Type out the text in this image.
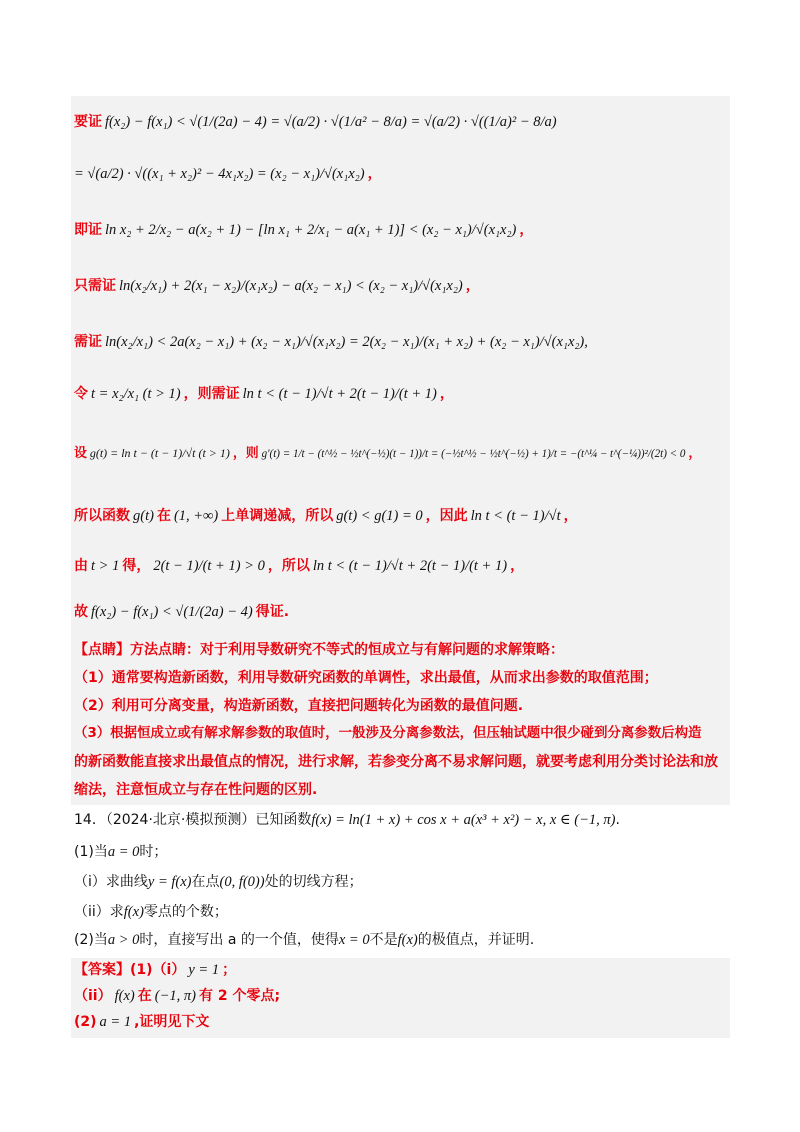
要证 f(x₂) − f(x₁) < √(1/(2a) − 4) = √(a/2) · √(1/a² − 8/a) = √(a/2) · √((1/a)² − 8/a)
= √(a/2) · √((x₁ + x₂)² − 4x₁x₂) = (x₂ − x₁)/√(x₁x₂) ，
即证 ln x₂ + 2/x₂ − a(x₂ + 1) − [ln x₁ + 2/x₁ − a(x₁ + 1)] < (x₂ − x₁)/√(x₁x₂) ，
只需证 ln(x₂/x₁) + 2(x₁ − x₂)/(x₁x₂) − a(x₂ − x₁) < (x₂ − x₁)/√(x₁x₂) ，
需证 ln(x₂/x₁) < 2a(x₂ − x₁) + (x₂ − x₁)/√(x₁x₂) = 2(x₂ − x₁)/(x₁ + x₂) + (x₂ − x₁)/√(x₁x₂),
令 t = x₂/x₁ (t > 1) ，则需证 ln t < (t − 1)/√t + 2(t − 1)/(t + 1) ，
设 g(t) = ln t − (t − 1)/√t (t > 1) ，则 g′(t) = 1/t − (t^½ − ½t^(−½)(t − 1))/t = (−½t^½ − ½t^(−½) + 1)/t = −(t^¼ − t^(−¼))²/(2t) < 0 ，
所以函数 g(t) 在 (1, +∞) 上单调递减，所以 g(t) < g(1) = 0 ，因此 ln t < (t − 1)/√t ，
由 t > 1 得， 2(t − 1)/(t + 1) > 0 ，所以 ln t < (t − 1)/√t + 2(t − 1)/(t + 1) ，
故 f(x₂) − f(x₁) < √(1/(2a) − 4) 得证.
【点睛】方法点睛：对于利用导数研究不等式的恒成立与有解问题的求解策略：
（1）通常要构造新函数，利用导数研究函数的单调性，求出最值，从而求出参数的取值范围；
（2）利用可分离变量，构造新函数，直接把问题转化为函数的最值问题.
（3）根据恒成立或有解求解参数的取值时，一般涉及分离参数法，但压轴试题中很少碰到分离参数后构造
的新函数能直接求出最值点的情况，进行求解，若参变分离不易求解问题，就要考虑利用分类讨论法和放
缩法，注意恒成立与存在性问题的区别.
14．（2024·北京·模拟预测）已知函数f(x) = ln(1 + x) + cos x + a(x³ + x²) − x, x ∈ (−1, π).
(1)当a = 0时；
（i）求曲线y = f(x)在点(0, f(0))处的切线方程；
（ii）求f(x)零点的个数；
(2)当a > 0时，直接写出 a 的一个值，使得x = 0不是f(x)的极值点，并证明.
【答案】(1)（i） y = 1 ；
（ii） f(x) 在 (−1, π) 有 2 个零点;
(2) a = 1 ,证明见下文
